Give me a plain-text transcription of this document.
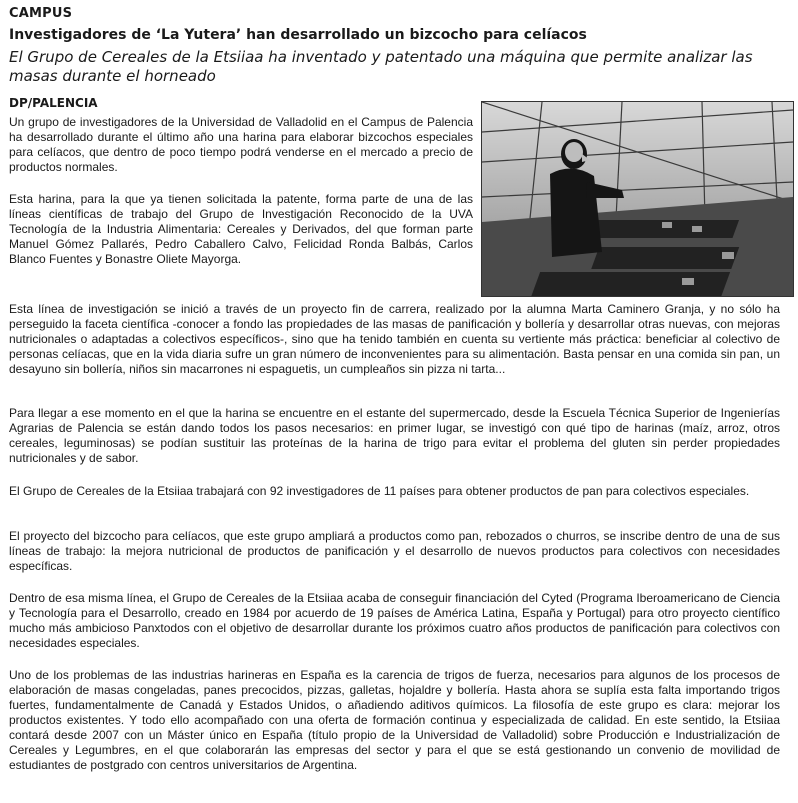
CAMPUS
Investigadores de ‘La Yutera’ han desarrollado un bizcocho para celíacos
El Grupo de Cereales de la Etsiiaa ha inventado y patentado una máquina que permite analizar las masas durante el horneado
DP/PALENCIA

Un grupo de investigadores de la Universidad de Valladolid en el Campus de Palencia ha desarrollado durante el último año una harina para elaborar bizcochos especiales para celíacos, que dentro de poco tiempo podrá venderse en el mercado a precio de productos normales.

Esta harina, para la que ya tienen solicitada la patente, forma parte de una de las líneas científicas de trabajo del Grupo de Investigación Reconocido de la UVA Tecnología de la Industria Alimentaria: Cereales y Derivados, del que forman parte Manuel Gómez Pallarés, Pedro Caballero Calvo, Felicidad Ronda Balbás, Carlos Blanco Fuentes y Bonastre Oliete Mayorga.

Esta línea de investigación se inició a través de un proyecto fin de carrera, realizado por la alumna Marta Caminero Granja, y no sólo ha perseguido la faceta científica -conocer a fondo las propiedades de las masas de panificación y bollería y desarrollar otras nuevas, con mejoras nutricionales o adaptadas a colectivos específicos-, sino que ha tenido también en cuenta su vertiente más práctica: beneficiar al colectivo de personas celíacas, que en la vida diaria sufre un gran número de inconvenientes para su alimentación. Basta pensar en una comida sin pan, un desayuno sin bollería, niños sin macarrones ni espaguetis, un cumpleaños sin pizza ni tarta...

Para llegar a ese momento en el que la harina se encuentre en el estante del supermercado, desde la Escuela Técnica Superior de Ingenierías Agrarias de Palencia se están dando todos los pasos necesarios: en primer lugar, se investigó con qué tipo de harinas (maíz, arroz, otros cereales, leguminosas) se podían sustituir las proteínas de la harina de trigo para evitar el problema del gluten sin perder propiedades nutricionales y de sabor.

El Grupo de Cereales de la Etsiiaa trabajará con 92 investigadores de 11 países para obtener productos de pan para colectivos especiales.

El proyecto del bizcocho para celíacos, que este grupo ampliará a productos como pan, rebozados o churros, se inscribe dentro de una de sus líneas de trabajo: la mejora nutricional de productos de panificación y el desarrollo de nuevos productos para colectivos con necesidades específicas.

Dentro de esa misma línea, el Grupo de Cereales de la Etsiiaa acaba de conseguir financiación del Cyted (Programa Iberoamericano de Ciencia y Tecnología para el Desarrollo, creado en 1984 por acuerdo de 19 países de América Latina, España y Portugal) para otro proyecto científico mucho más ambicioso Panxtodos con el objetivo de desarrollar durante los próximos cuatro años productos de panificación para colectivos con necesidades especiales.

Uno de los problemas de las industrias harineras en España es la carencia de trigos de fuerza, necesarios para algunos de los procesos de elaboración de masas congeladas, panes precocidos, pizzas, galletas, hojaldre y bollería. Hasta ahora se suplía esta falta importando trigos fuertes, fundamentalmente de Canadá y Estados Unidos, o añadiendo aditivos químicos. La filosofía de este grupo es clara: mejorar los productos existentes. Y todo ello acompañado con una oferta de formación continua y especializada de calidad. En este sentido, la Etsiiaa contará desde 2007 con un Máster único en España (título propio de la Universidad de Valladolid) sobre Producción e Industrialización de Cereales y Legumbres, en el que colaborarán las empresas del sector y para el que se está gestionando un convenio de movilidad de estudiantes de postgrado con centros universitarios de Argentina.
